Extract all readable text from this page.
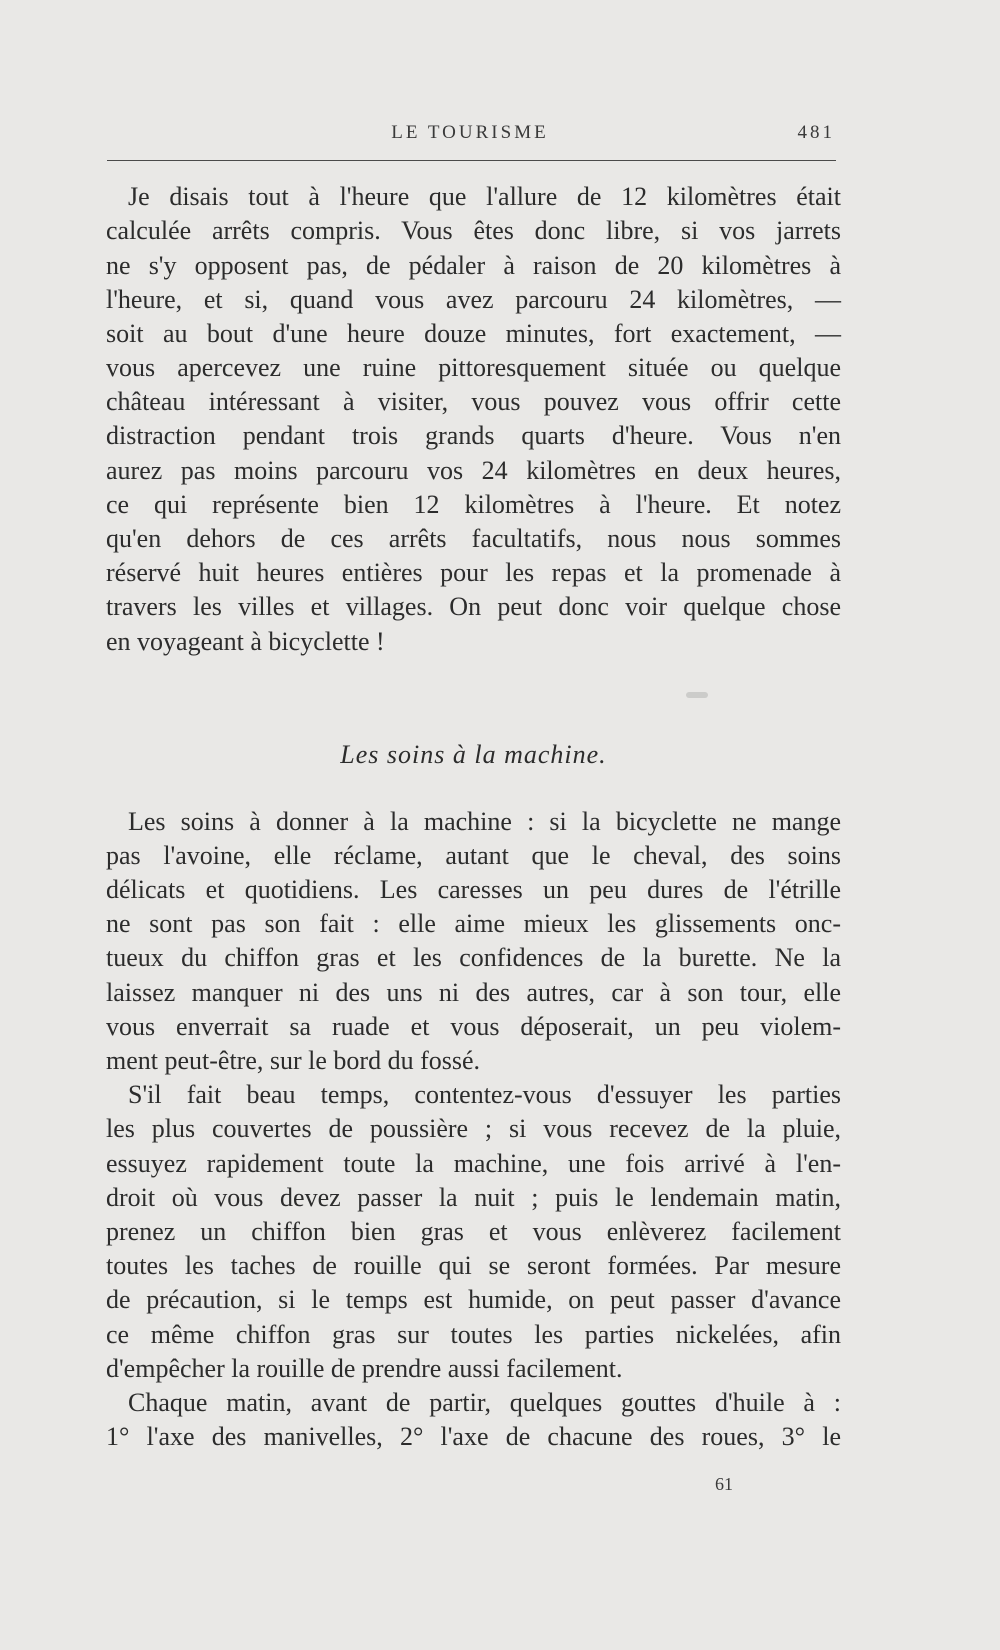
LE TOURISME	481
Je disais tout à l'heure que l'allure de 12 kilomètres était
calculée arrêts compris. Vous êtes donc libre, si vos jarrets
ne s'y opposent pas, de pédaler à raison de 20 kilomètres à
l'heure, et si, quand vous avez parcouru 24 kilomètres, —
soit au bout d'une heure douze minutes, fort exactement, —
vous apercevez une ruine pittoresquement située ou quelque
château intéressant à visiter, vous pouvez vous offrir cette
distraction pendant trois grands quarts d'heure. Vous n'en
aurez pas moins parcouru vos 24 kilomètres en deux heures,
ce qui représente bien 12 kilomètres à l'heure. Et notez
qu'en dehors de ces arrêts facultatifs, nous nous sommes
réservé huit heures entières pour les repas et la promenade à
travers les villes et villages. On peut donc voir quelque chose
en voyageant à bicyclette !
Les soins à la machine.
Les soins à donner à la machine : si la bicyclette ne mange
pas l'avoine, elle réclame, autant que le cheval, des soins
délicats et quotidiens. Les caresses un peu dures de l'étrille
ne sont pas son fait : elle aime mieux les glissements onc-
tueux du chiffon gras et les confidences de la burette. Ne la
laissez manquer ni des uns ni des autres, car à son tour, elle
vous enverrait sa ruade et vous déposerait, un peu violem-
ment peut-être, sur le bord du fossé.
S'il fait beau temps, contentez-vous d'essuyer les parties
les plus couvertes de poussière ; si vous recevez de la pluie,
essuyez rapidement toute la machine, une fois arrivé à l'en-
droit où vous devez passer la nuit ; puis le lendemain matin,
prenez un chiffon bien gras et vous enlèverez facilement
toutes les taches de rouille qui se seront formées. Par mesure
de précaution, si le temps est humide, on peut passer d'avance
ce même chiffon gras sur toutes les parties nickelées, afin
d'empêcher la rouille de prendre aussi facilement.
Chaque matin, avant de partir, quelques gouttes d'huile à :
1° l'axe des manivelles, 2° l'axe de chacune des roues, 3° le
61
